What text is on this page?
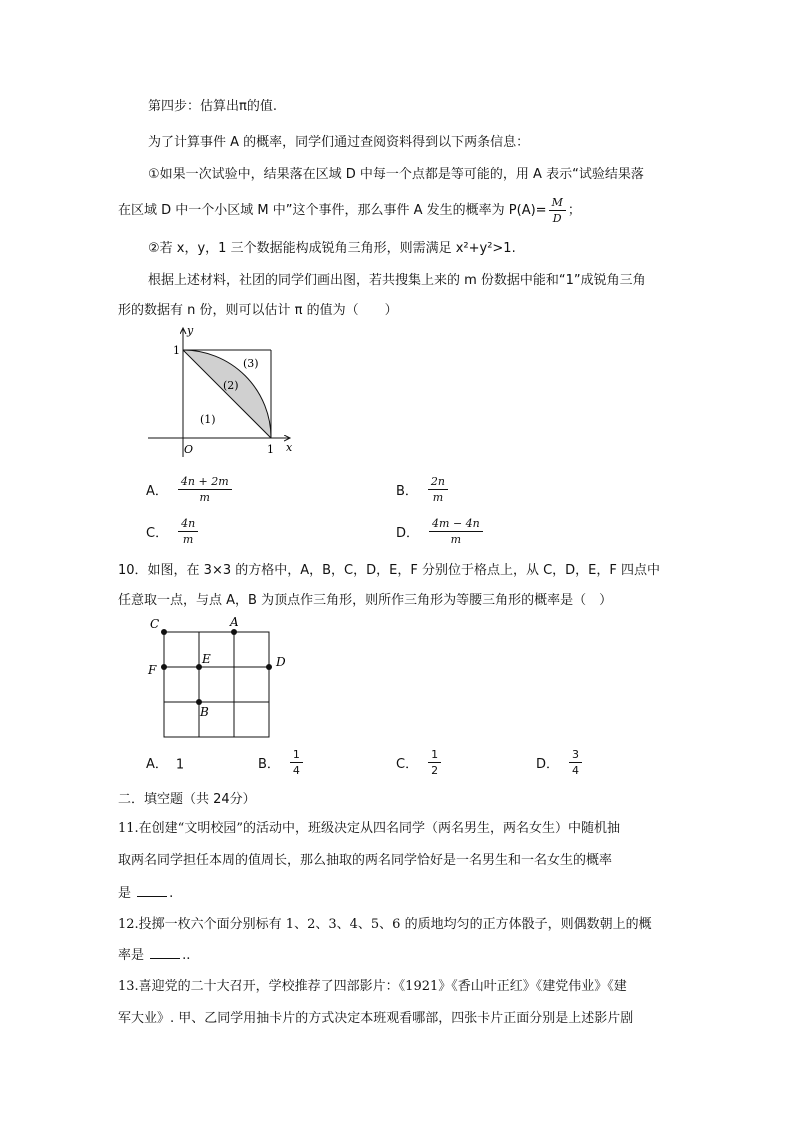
第四步：估算出π的值.
为了计算事件 A 的概率，同学们通过查阅资料得到以下两条信息：
①如果一次试验中，结果落在区域 D 中每一个点都是等可能的，用 A 表示“试验结果落
在区域 D 中一个小区域 M 中”这个事件，那么事件 A 发生的概率为 $P(A)= \frac{M}{D}$ ；
②若 x，y，1 三个数据能构成锐角三角形，则需满足 x²+y²>1.
根据上述材料，社团的同学们画出图，若共搜集上来的 m 份数据中能和“1”成锐角三角
形的数据有 n 份，则可以估计 π 的值为（　　）
y
x
O
1
1
(1)
(2)
(3)
A． $\frac{4n + 2m}{m}$	B． $\frac{2n}{m}$
C． $\frac{4n}{m}$	D． $\frac{4m - 4n}{m}$
10．如图，在 3×3 的方格中，A，B，C，D，E，F 分别位于格点上，从 C，D，E，F 四点中
任意取一点，与点 A，B 为顶点作三角形，则所作三角形为等腰三角形的概率是（　）
C	A
F
E	D
B
A． 1	B． $\frac{1}{4}$	C． $\frac{1}{2}$	D． $\frac{3}{4}$
二．填空题（共 24分）
11.在创建“文明校园”的活动中，班级决定从四名同学（两名男生，两名女生）中随机抽
取两名同学担任本周的值周长，那么抽取的两名同学恰好是一名男生和一名女生的概率
是	.
12.投掷一枚六个面分别标有 1、2、3、4、5、6 的质地均匀的正方体骰子，则偶数朝上的概
率是	..
13.喜迎党的二十大召开，学校推荐了四部影片：《1921》《香山叶正红》《建党伟业》《建
军大业》. 甲、乙同学用抽卡片的方式决定本班观看哪部，四张卡片正面分别是上述影片剧
